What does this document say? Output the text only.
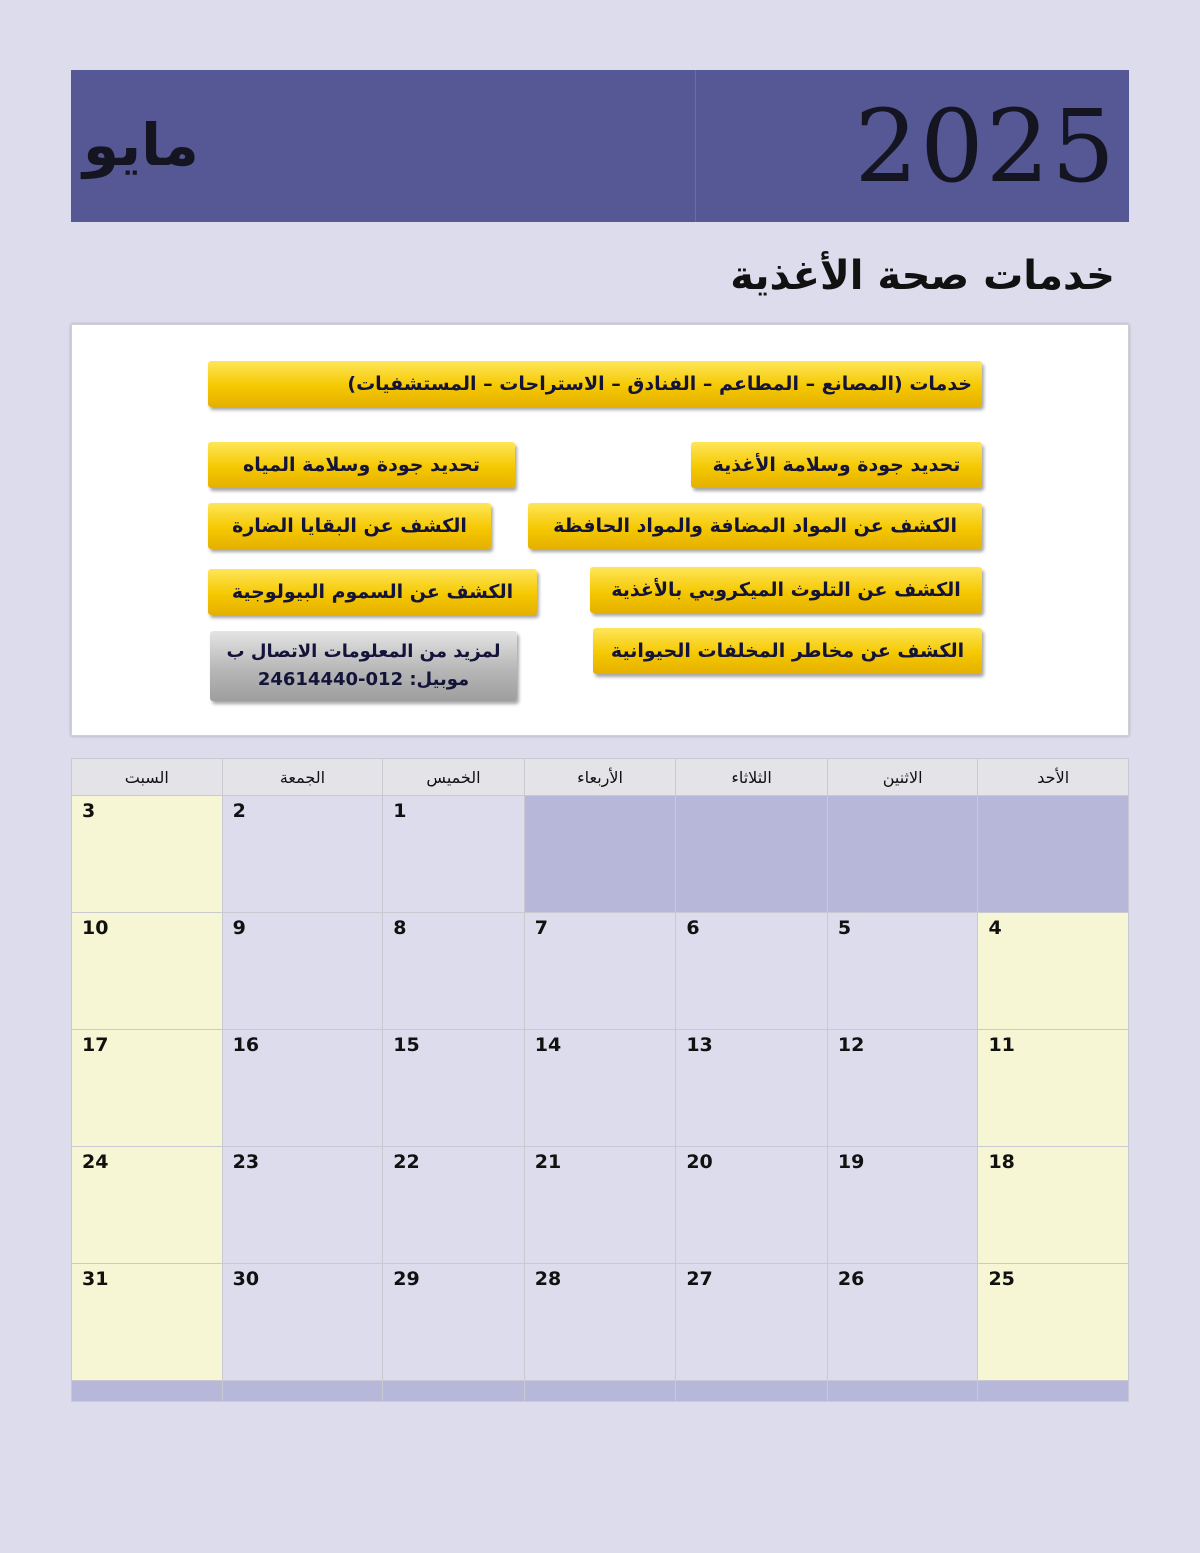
مايو	2025
خدمات صحة الأغذية
خدمات (المصانع – المطاعم – الفنادق – الاستراحات – المستشفيات)
تحديد جودة وسلامة الأغذية
تحديد جودة وسلامة المياه
الكشف عن المواد المضافة والمواد الحافظة
الكشف عن البقايا الضارة
الكشف عن التلوث الميكروبي بالأغذية
الكشف عن السموم البيولوجية
الكشف عن مخاطر المخلفات الحيوانية
لمزيد من المعلومات الاتصال ب
موبيل: 012-24614440
الأحد	الاثنين	الثلاثاء	الأربعاء	الخميس	الجمعة	السبت

				1	2	3

4	5	6	7	8	9	10

11	12	13	14	15	16	17

18	19	20	21	22	23	24

25	26	27	28	29	30	31
